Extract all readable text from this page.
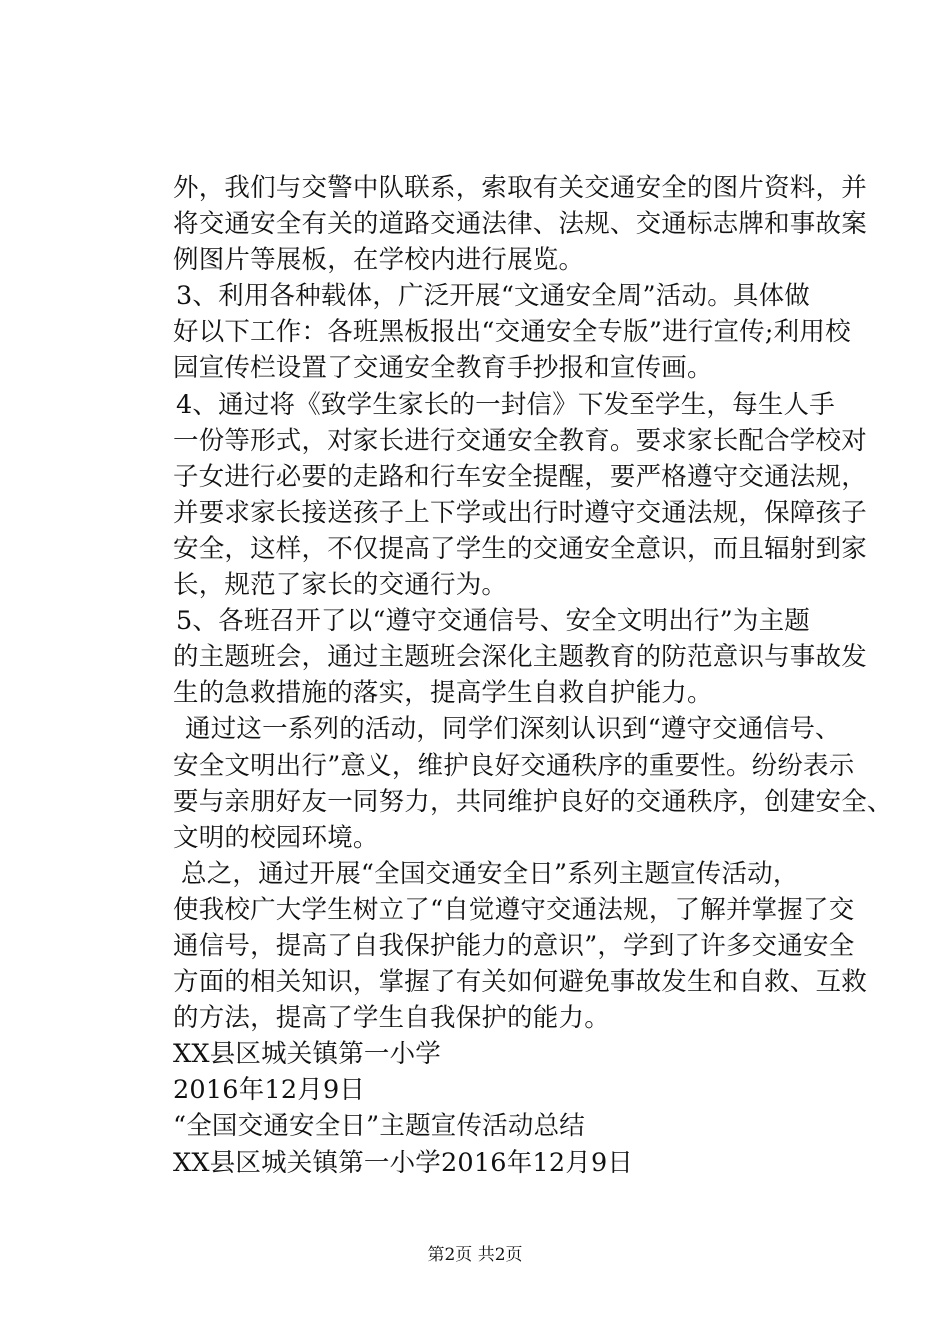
外，我们与交警中队联系，索取有关交通安全的图片资料，并
将交通安全有关的道路交通法律、法规、交通标志牌和事故案
例图片等展板，在学校内进行展览。
3、利用各种载体，广泛开展“文通安全周”活动。具体做
好以下工作：各班黑板报出“交通安全专版”进行宣传;利用校
园宣传栏设置了交通安全教育手抄报和宣传画。
4、通过将《致学生家长的一封信》下发至学生，每生人手
一份等形式，对家长进行交通安全教育。要求家长配合学校对
子女进行必要的走路和行车安全提醒，要严格遵守交通法规，
并要求家长接送孩子上下学或出行时遵守交通法规，保障孩子
安全，这样，不仅提高了学生的交通安全意识，而且辐射到家
长，规范了家长的交通行为。
5、各班召开了以“遵守交通信号、安全文明出行”为主题
的主题班会，通过主题班会深化主题教育的防范意识与事故发
生的急救措施的落实，提高学生自救自护能力。
通过这一系列的活动，同学们深刻认识到“遵守交通信号、
安全文明出行”意义，维护良好交通秩序的重要性。纷纷表示
要与亲朋好友一同努力，共同维护良好的交通秩序，创建安全、
文明的校园环境。
总之，通过开展“全国交通安全日”系列主题宣传活动，
使我校广大学生树立了“自觉遵守交通法规，了解并掌握了交
通信号，提高了自我保护能力的意识”，学到了许多交通安全
方面的相关知识，掌握了有关如何避免事故发生和自救、互救
的方法，提高了学生自我保护的能力。
XX县区城关镇第一小学
2016年12月9日
“全国交通安全日”主题宣传活动总结
XX县区城关镇第一小学2016年12月9日
第2页 共2页
